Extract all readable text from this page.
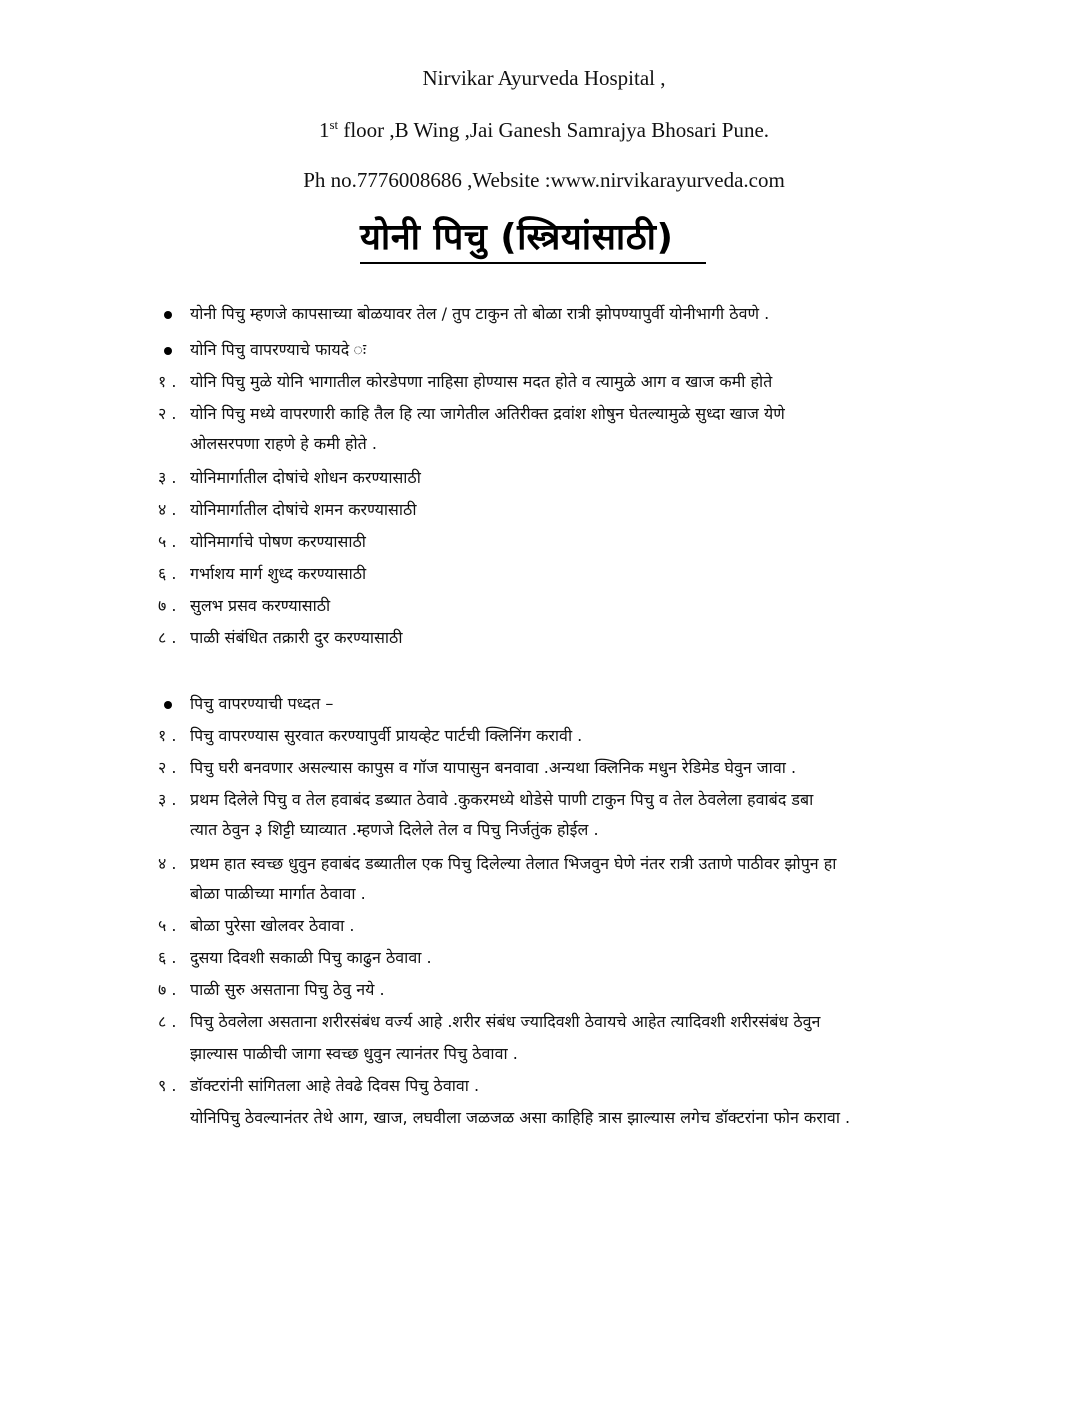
Nirvikar Ayurveda Hospital ,
1st floor ,B Wing ,Jai Ganesh Samrajya Bhosari Pune.
Ph no.7776008686 ,Website :www.nirvikarayurveda.com
योनी पिचु (स्त्रियांसाठी)
योनी पिचु म्हणजे कापसाच्या बोळयावर तेल / तुप टाकुन तो बोळा रात्री झोपण्यापुर्वी योनीभागी ठेवणे .
योनि पिचु वापरण्याचे फायदे ः
१ . योनि पिचु मुळे योनि भागातील कोरडेपणा नाहिसा होण्यास मदत होते व त्यामुळे आग व खाज कमी होते
२ . योनि पिचु मध्ये वापरणारी काहि तैल हि त्या जागेतील अतिरीक्त द्रवांश शोषुन घेतल्यामुळे सुध्दा खाज येणे
ओलसरपणा राहणे हे कमी होते .
३ . योनिमार्गातील दोषांचे शोधन करण्यासाठी
४ . योनिमार्गातील दोषांचे शमन करण्यासाठी
५ . योनिमार्गाचे पोषण करण्यासाठी
६ . गर्भाशय मार्ग शुध्द करण्यासाठी
७ . सुलभ प्रसव करण्यासाठी
८ . पाळी संबंधित तक्रारी दुर करण्यासाठी
पिचु वापरण्याची पध्दत –
१ . पिचु वापरण्यास सुरवात करण्यापुर्वी प्रायव्हेट पार्टची क्लिनिंग करावी .
२ . पिचु घरी बनवणार असल्यास कापुस व गॉज यापासुन बनवावा .अन्यथा क्लिनिक मधुन रेडिमेड घेवुन जावा .
३ . प्रथम दिलेले पिचु व तेल हवाबंद डब्यात ठेवावे .कुकरमध्ये थोडेसे पाणी टाकुन पिचु व तेल ठेवलेला हवाबंद डबा
त्यात ठेवुन ३ शिट्टी घ्याव्यात .म्हणजे दिलेले तेल व पिचु निर्जतुंक होईल .
४ . प्रथम हात स्वच्छ धुवुन हवाबंद डब्यातील एक पिचु दिलेल्या तेलात भिजवुन घेणे नंतर रात्री उताणे पाठीवर झोपुन हा
बोळा पाळीच्या मार्गात ठेवावा .
५ . बोळा पुरेसा खोलवर ठेवावा .
६ . दुसया दिवशी सकाळी पिचु काढुन ठेवावा .
७ . पाळी सुरु असताना पिचु ठेवु नये .
८ . पिचु ठेवलेला असताना शरीरसंबंध वर्ज्य आहे .शरीर संबंध ज्यादिवशी ठेवायचे आहेत त्यादिवशी शरीरसंबंध ठेवुन
झाल्यास पाळीची जागा स्वच्छ धुवुन त्यानंतर पिचु ठेवावा .
९ . डॉक्टरांनी सांगितला आहे तेवढे दिवस पिचु ठेवावा .
योनिपिचु ठेवल्यानंतर तेथे आग, खाज, लघवीला जळजळ असा काहिहि त्रास झाल्यास लगेच डॉक्टरांना फोन करावा .
